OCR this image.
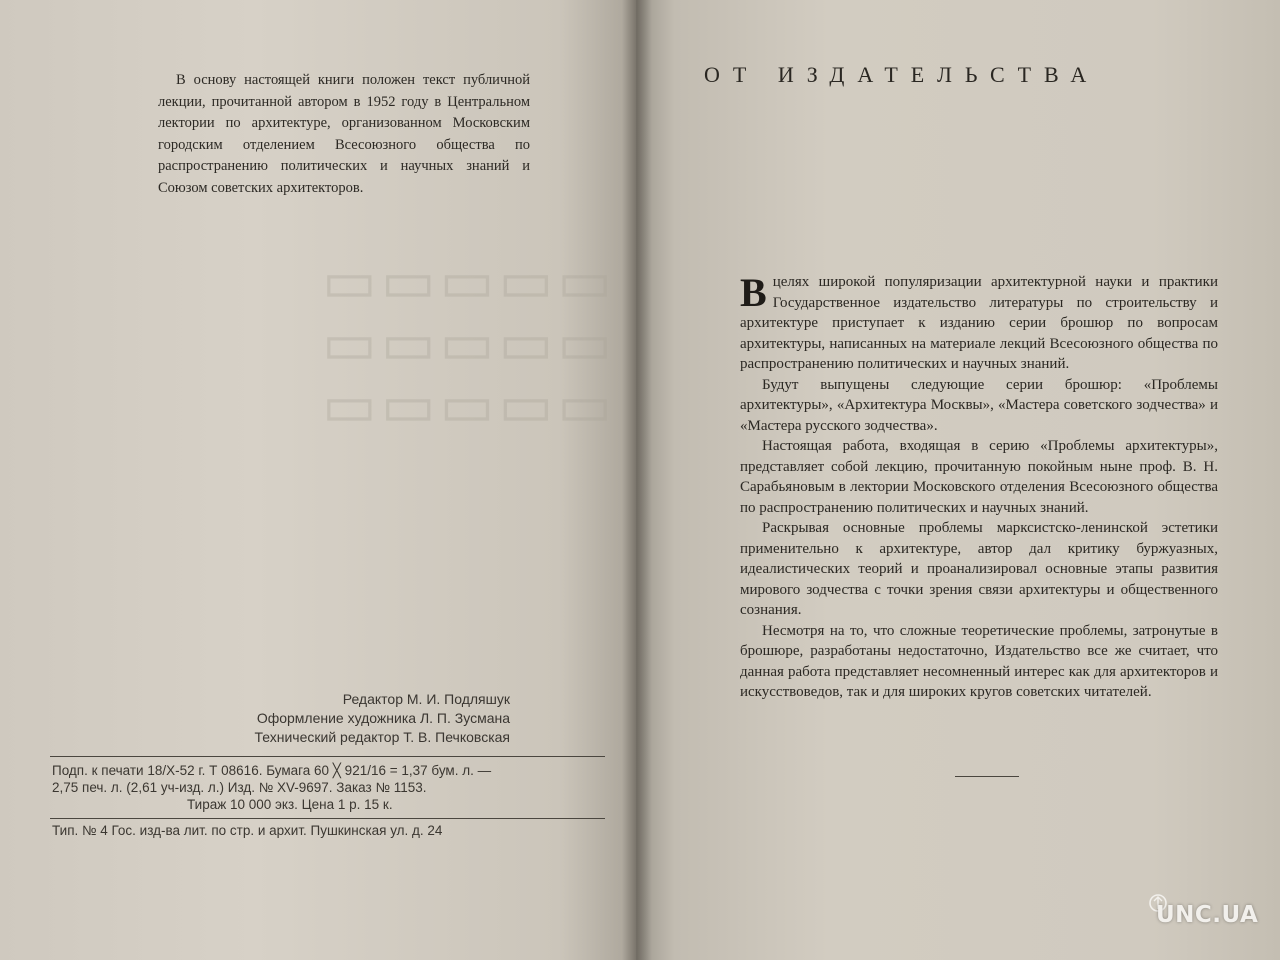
▭▭▭▭▭
▭▭▭▭▭
▭▭▭▭▭
В основу настоящей книги положен текст публичной лекции, прочитанной автором в 1952 году в Центральном лектории по архитектуре, организованном Московским городским отделением Всесоюзного общества по распространению политических и научных знаний и Союзом советских архитекторов.
Редактор М. И. Подляшук
Оформление художника Л. П. Зусмана
Технический редактор Т. В. Печковская
Подп. к печати 18/X-52 г. Т 08616. Бумага 60 ╳ 921/16 = 1,37 бум. л. —
2,75 печ. л. (2,61 уч-изд. л.) Изд. № XV-9697. Заказ № 1153.
Тираж 10 000 экз. Цена 1 р. 15 к.
Тип. № 4 Гос. изд-ва лит. по стр. и архит. Пушкинская ул. д. 24
ОТ ИЗДАТЕЛЬСТВА

В целях широкой популяризации архитектурной науки и практики Государственное издательство литературы по строительству и архитектуре приступает к изданию серии брошюр по вопросам архитектуры, написанных на материале лекций Всесоюзного общества по распространению политических и научных знаний.

Будут выпущены следующие серии брошюр: «Проблемы архитектуры», «Архитектура Москвы», «Мастера советского зодчества» и «Мастера русского зодчества».

Настоящая работа, входящая в серию «Проблемы архитектуры», представляет собой лекцию, прочитанную покойным ныне проф. В. Н. Сарабьяновым в лектории Московского отделения Всесоюзного общества по распространению политических и научных знаний.

Раскрывая основные проблемы марксистско-ленинской эстетики применительно к архитектуре, автор дал критику буржуазных, идеалистических теорий и проанализировал основные этапы развития мирового зодчества с точки зрения связи архитектуры и общественного сознания.

Несмотря на то, что сложные теоретические проблемы, затронутые в брошюре, разработаны недостаточно, Издательство все же считает, что данная работа представляет несомненный интерес как для архитекторов и искусствоведов, так и для широких кругов советских читателей.

UNC.UA
